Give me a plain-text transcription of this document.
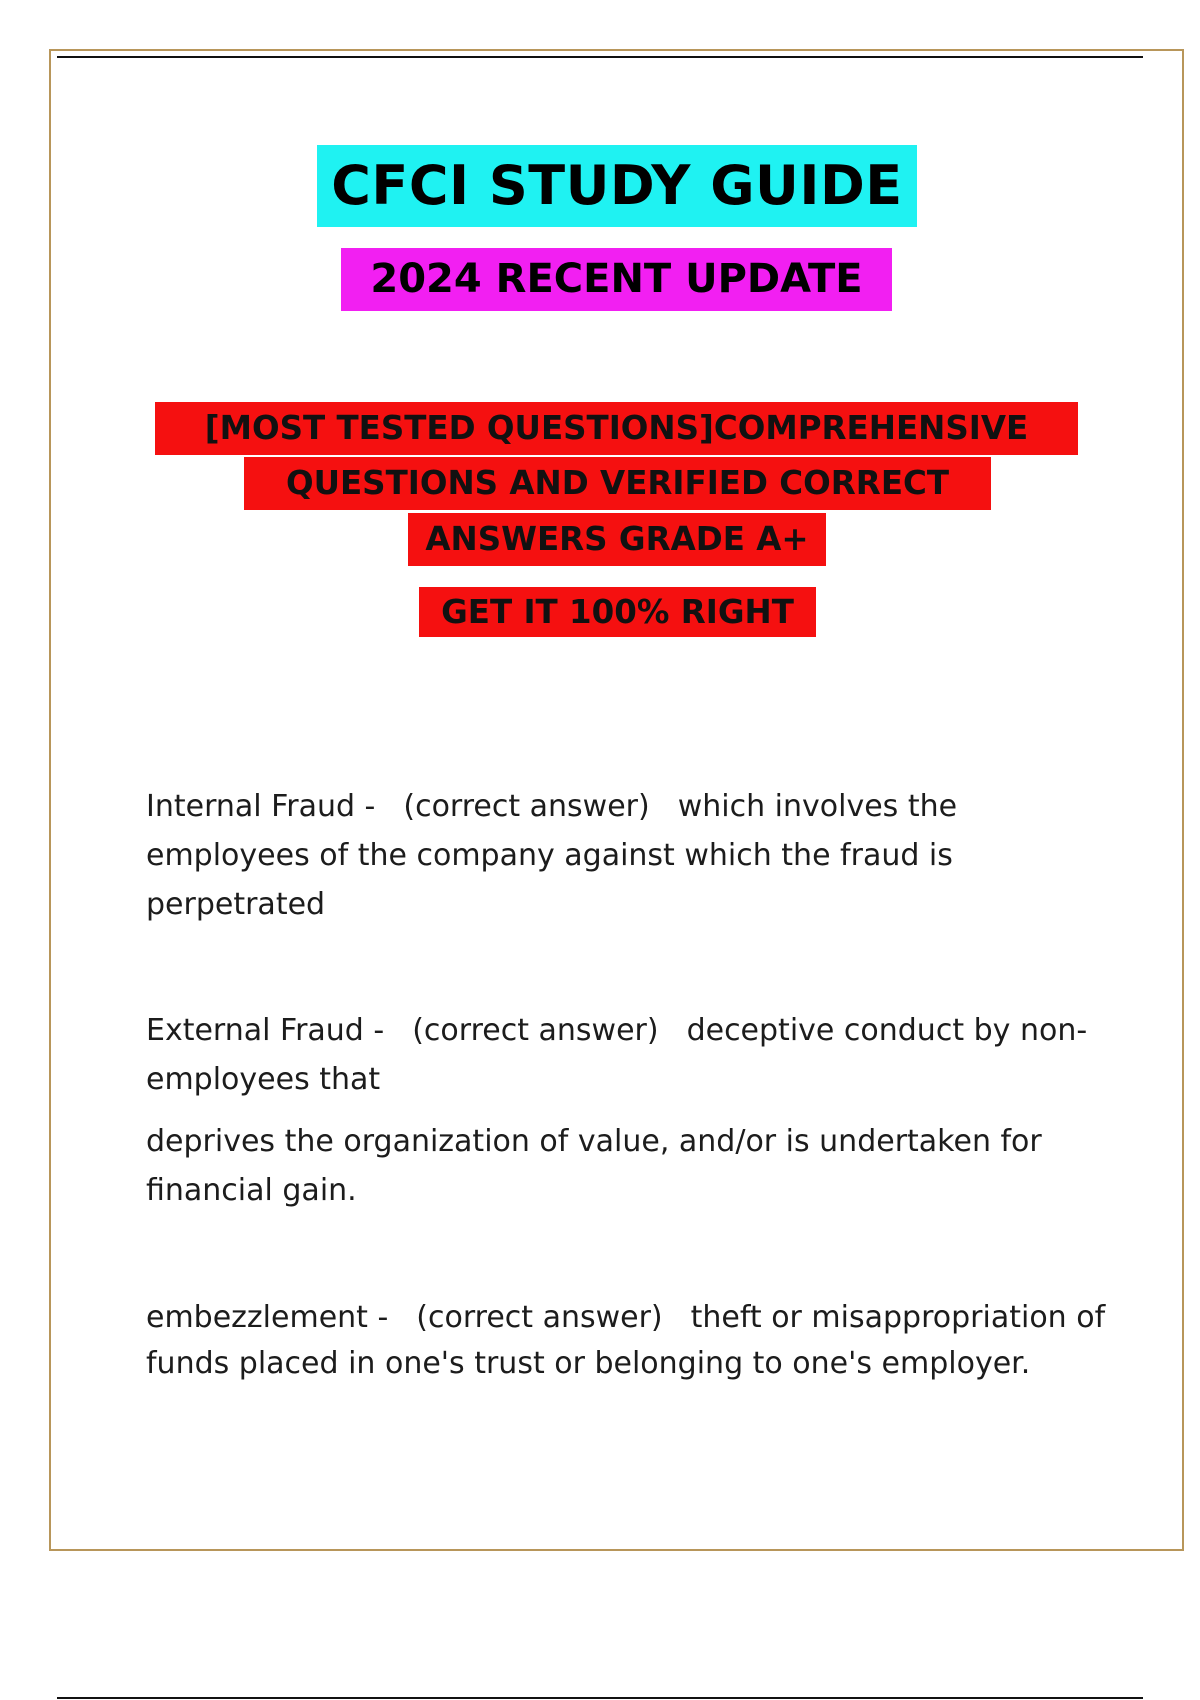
CFCI STUDY GUIDE
2024 RECENT UPDATE
[MOST TESTED QUESTIONS]COMPREHENSIVE
QUESTIONS AND VERIFIED CORRECT
ANSWERS GRADE A+
GET IT 100% RIGHT
Internal Fraud - (correct answer) which involves the employees of the company against which the fraud is perpetrated
External Fraud - (correct answer) deceptive conduct by non-employees that
deprives the organization of value, and/or is undertaken for financial gain.
embezzlement - (correct answer) theft or misappropriation of funds placed in one's trust or belonging to one's employer.
